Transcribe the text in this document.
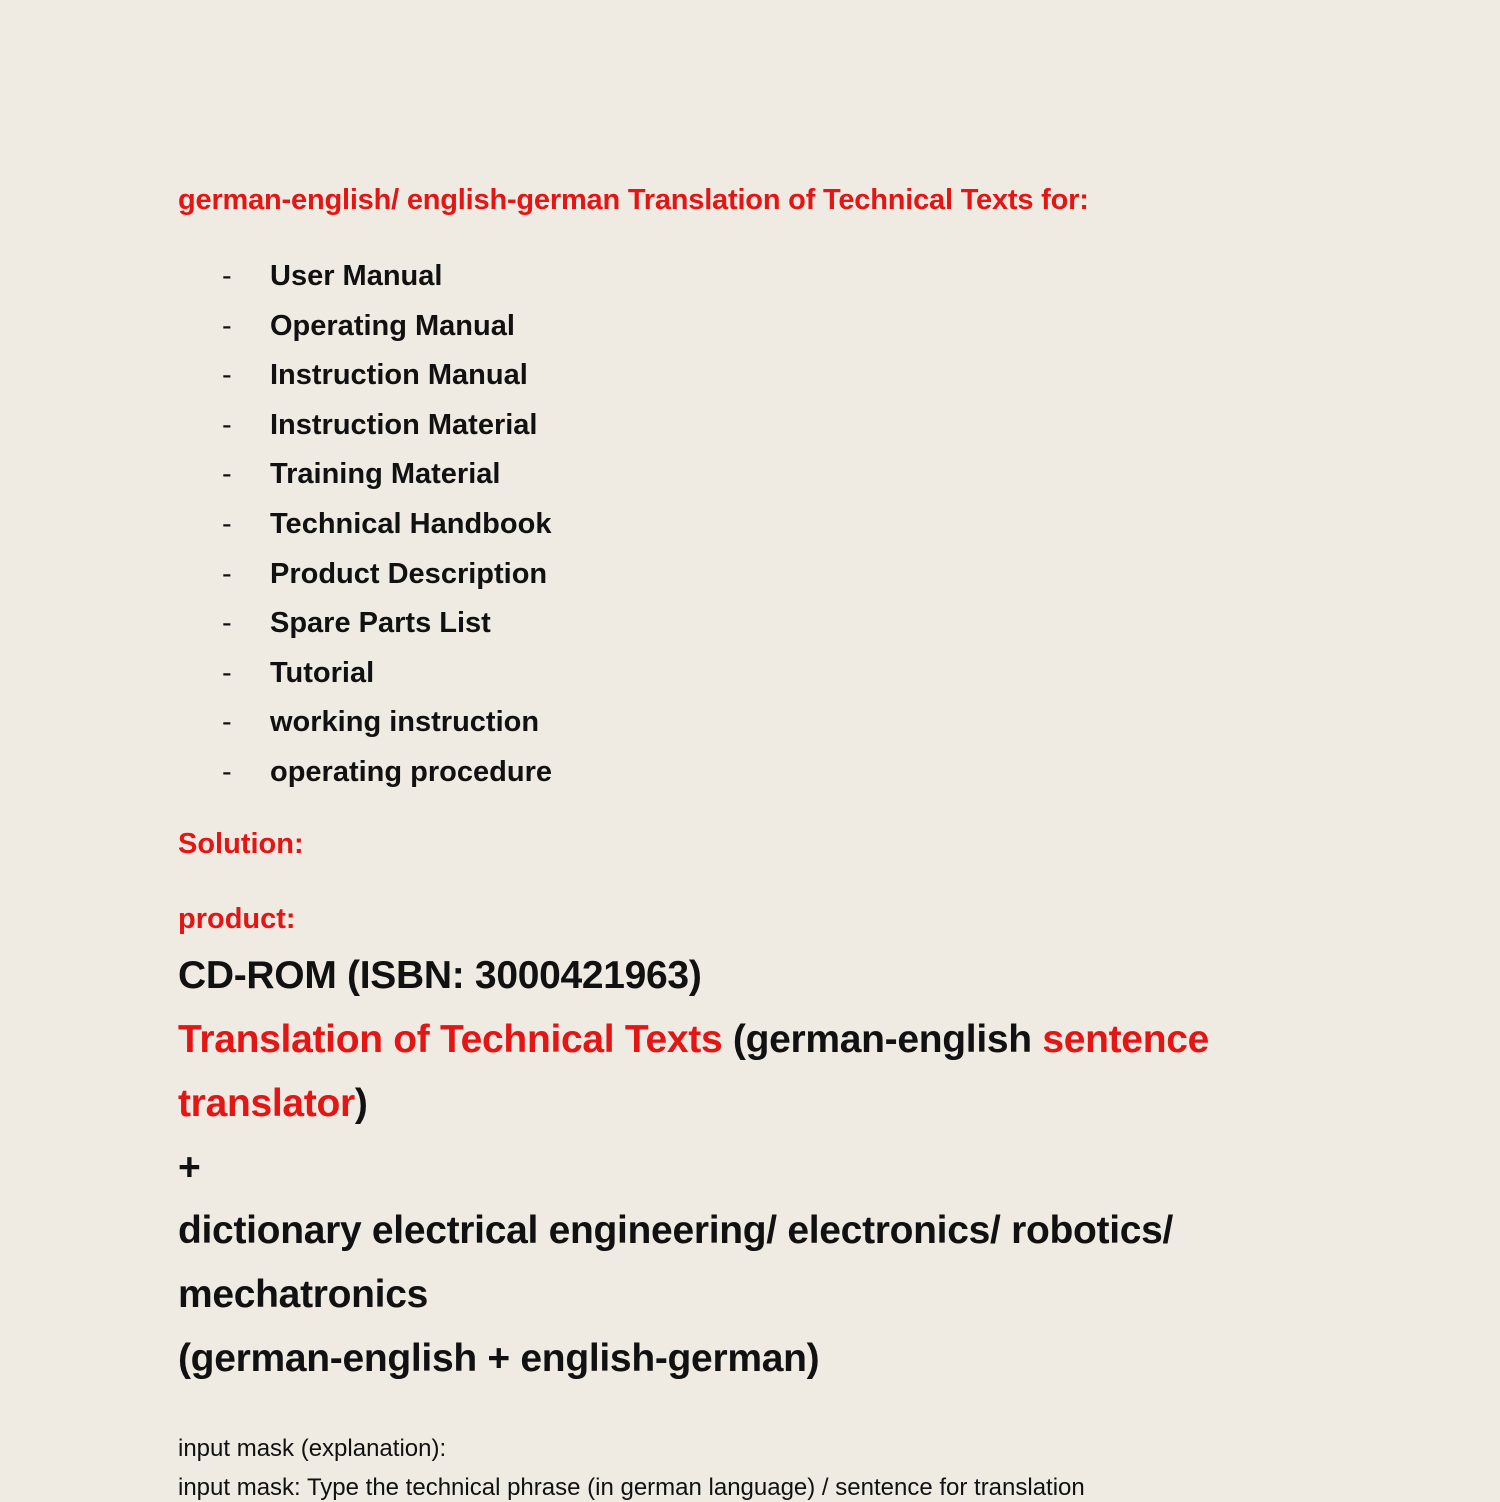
german-english/ english-german Translation of Technical Texts for:
-	User Manual
-	Operating Manual
-	Instruction Manual
-	Instruction Material
-	Training Material
-	Technical Handbook
-	Product Description
-	Spare Parts List
-	Tutorial
-	working instruction
-	operating procedure
Solution:
product:
CD-ROM (ISBN: 3000421963)
Translation of Technical Texts (german-english sentence translator)
+
dictionary electrical engineering/ electronics/ robotics/ mechatronics
(german-english + english-german)
input mask (explanation):
input mask: Type the technical phrase (in german language) / sentence for translation
